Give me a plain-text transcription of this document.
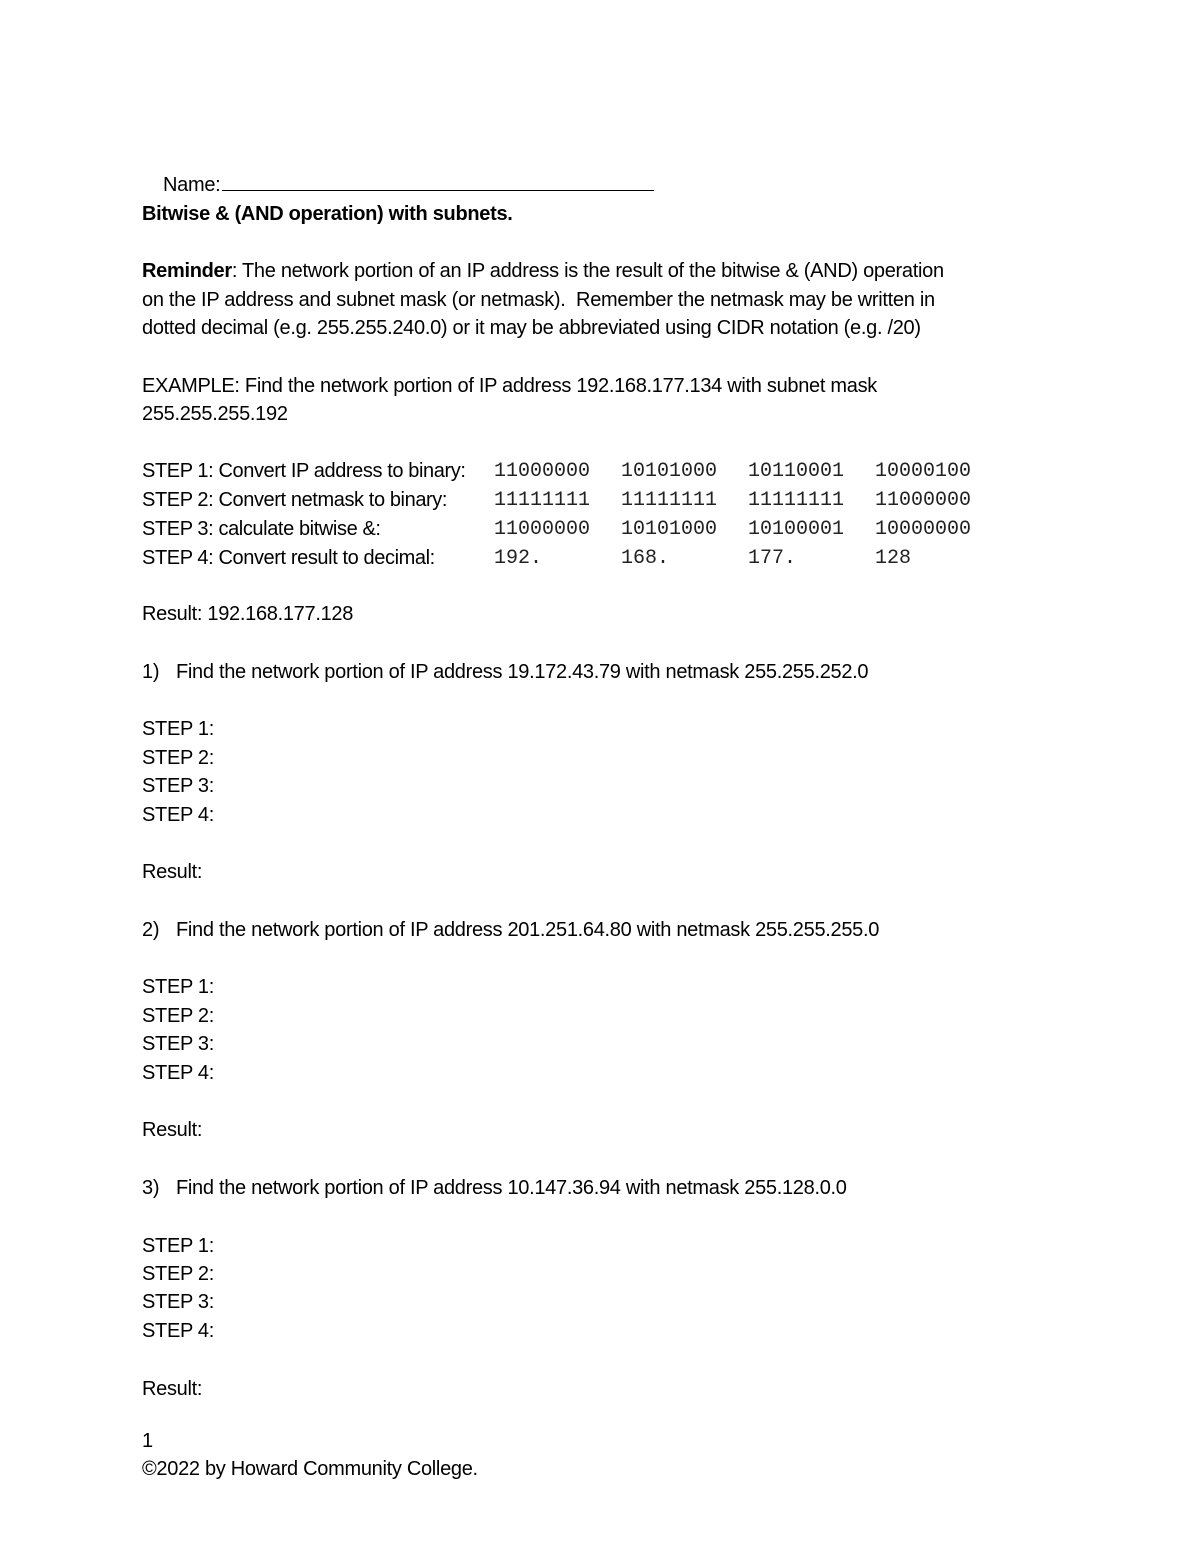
Name:

Bitwise & (AND operation) with subnets.
Reminder: The network portion of an IP address is the result of the bitwise & (AND) operation
on the IP address and subnet mask (or netmask).  Remember the netmask may be written in
dotted decimal (e.g. 255.255.240.0) or it may be abbreviated using CIDR notation (e.g. /20)
EXAMPLE: Find the network portion of IP address 192.168.177.134 with subnet mask
255.255.255.192
STEP 1: Convert IP address to binary: 11000000 10101000 10110001 10000100
STEP 2: Convert netmask to binary: 11111111 11111111 11111111 11000000
STEP 3: calculate bitwise &:	11000000 10101000 10100001 10000000
STEP 4: Convert result to decimal:	192.	168.	177.	128
Result: 192.168.177.128
1) Find the network portion of IP address 19.172.43.79 with netmask 255.255.252.0
STEP 1:
STEP 2:
STEP 3:
STEP 4:
Result:
2) Find the network portion of IP address 201.251.64.80 with netmask 255.255.255.0
STEP 1:
STEP 2:
STEP 3:
STEP 4:
Result:
3) Find the network portion of IP address 10.147.36.94 with netmask 255.128.0.0
STEP 1:
STEP 2:
STEP 3:
STEP 4:
Result:
1
©2022 by Howard Community College.
